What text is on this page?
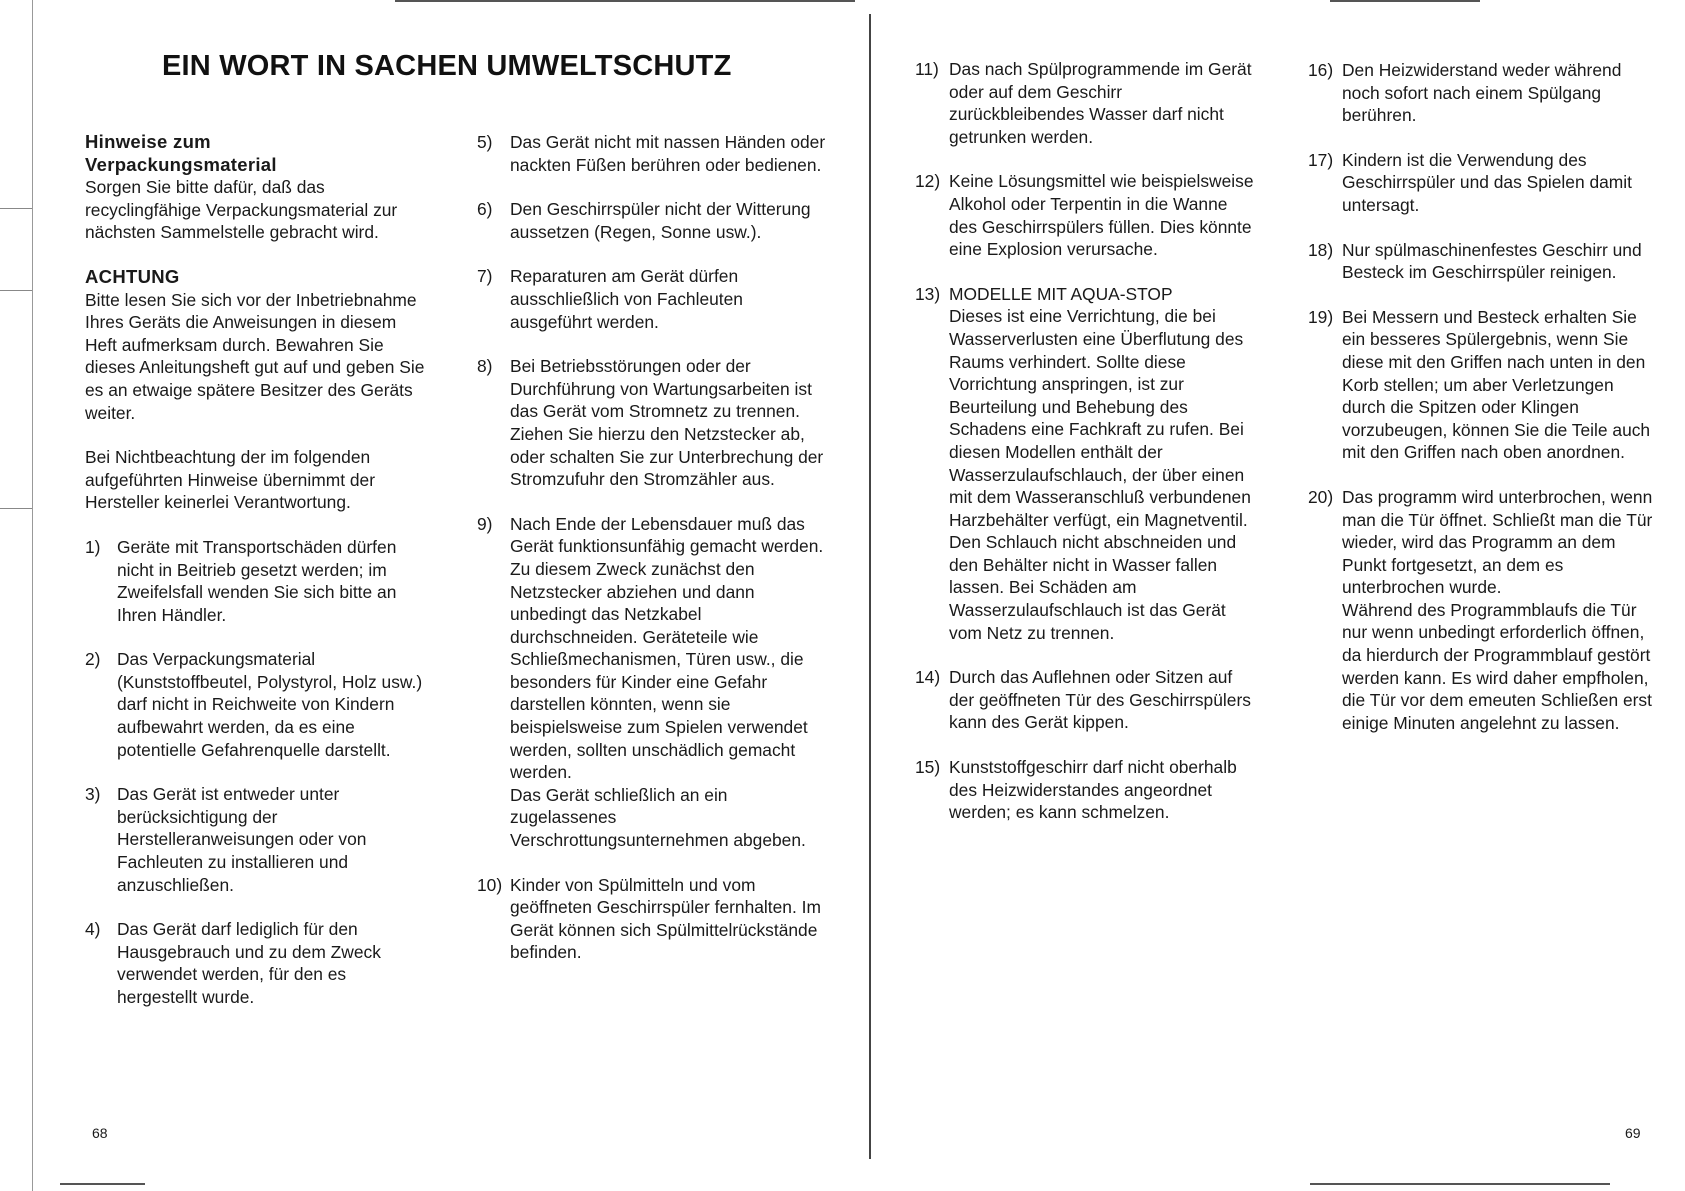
EIN WORT IN SACHEN UMWELTSCHUTZ
Hinweise zum Verpackungsmaterial

Sorgen Sie bitte dafür, daß das recyclingfähige Verpackungsmaterial zur nächsten Sammelstelle gebracht wird.

ACHTUNG

Bitte lesen Sie sich vor der Inbetriebnahme Ihres Geräts die Anweisungen in diesem Heft aufmerksam durch. Bewahren Sie dieses Anleitungsheft gut auf und geben Sie es an etwaige spätere Besitzer des Geräts weiter.

Bei Nichtbeachtung der im folgenden aufgeführten Hinweise übernimmt der Hersteller keinerlei Verantwortung.

1) Geräte mit Transportschäden dürfen nicht in Beitrieb gesetzt werden; im Zweifelsfall wenden Sie sich bitte an Ihren Händler.
2) Das Verpackungsmaterial (Kunststoffbeutel, Polystyrol, Holz usw.) darf nicht in Reichweite von Kindern aufbewahrt werden, da es eine potentielle Gefahrenquelle darstellt.
3) Das Gerät ist entweder unter berücksichtigung der Herstelleranweisungen oder von Fachleuten zu installieren und anzuschließen.
4) Das Gerät darf lediglich für den Hausgebrauch und zu dem Zweck verwendet werden, für den es hergestellt wurde.
5)	Das Gerät nicht mit nassen Händen oder nackten Füßen berühren oder bedienen.
6)	Den Geschirrspüler nicht der Witterung aussetzen (Regen, Sonne usw.).
7)	Reparaturen am Gerät dürfen ausschließlich von Fachleuten ausgeführt werden.
8)	Bei Betriebsstörungen oder der Durchführung von Wartungsarbeiten ist das Gerät vom Stromnetz zu trennen. Ziehen Sie hierzu den Netzstecker ab, oder schalten Sie zur Unterbrechung der Stromzufuhr den Stromzähler aus.
9)	Nach Ende der Lebensdauer muß das Gerät funktionsunfähig gemacht werden. Zu diesem Zweck zunächst den Netzstecker abziehen und dann unbedingt das Netzkabel durchschneiden. Geräteteile wie Schließmechanismen, Türen usw., die besonders für Kinder eine Gefahr darstellen könnten, wenn sie beispielsweise zum Spielen verwendet werden, sollten unschädlich gemacht werden.
Das Gerät schließlich an ein zugelassenes Verschrottungsunternehmen abgeben.
10) Kinder von Spülmitteln und vom geöffneten Geschirrspüler fernhalten. Im Gerät können sich Spülmittelrückstände befinden.
68	69
11) Das nach Spülprogrammende im Gerät oder auf dem Geschirr zurückbleibendes Wasser darf nicht getrunken werden.
12) Keine Lösungsmittel wie beispielsweise Alkohol oder Terpentin in die Wanne des Geschirrspülers füllen. Dies könnte eine Explosion verursache.
13) MODELLE MIT AQUA-STOP
Dieses ist eine Verrichtung, die bei Wasserverlusten eine Überflutung des Raums verhindert. Sollte diese Vorrichtung anspringen, ist zur Beurteilung und Behebung des Schadens eine Fachkraft zu rufen. Bei diesen Modellen enthält der Wasserzulaufschlauch, der über einen mit dem Wasseranschluß verbundenen Harzbehälter verfügt, ein Magnetventil. Den Schlauch nicht abschneiden und den Behälter nicht in Wasser fallen lassen. Bei Schäden am Wasserzulaufschlauch ist das Gerät vom Netz zu trennen.
14) Durch das Auflehnen oder Sitzen auf der geöffneten Tür des Geschirrspülers kann des Gerät kippen.
15) Kunststoffgeschirr darf nicht oberhalb des Heizwiderstandes angeordnet werden; es kann schmelzen.
16) Den Heizwiderstand weder während noch sofort nach einem Spülgang berühren.
17) Kindern ist die Verwendung des Geschirrspüler und das Spielen damit untersagt.
18) Nur spülmaschinenfestes Geschirr und Besteck im Geschirrspüler reinigen.
19) Bei Messern und Besteck erhalten Sie ein besseres Spülergebnis, wenn Sie diese mit den Griffen nach unten in den Korb stellen; um aber Verletzungen durch die Spitzen oder Klingen vorzubeugen, können Sie die Teile auch mit den Griffen nach oben anordnen.
20) Das programm wird unterbrochen, wenn man die Tür öffnet. Schließt man die Tür wieder, wird das Programm an dem Punkt fortgesetzt, an dem es unterbrochen wurde.
Während des Programmblaufs die Tür nur wenn unbedingt erforderlich öffnen, da hierdurch der Programmblauf gestört werden kann. Es wird daher empfholen, die Tür vor dem emeuten Schließen erst einige Minuten angelehnt zu lassen.
